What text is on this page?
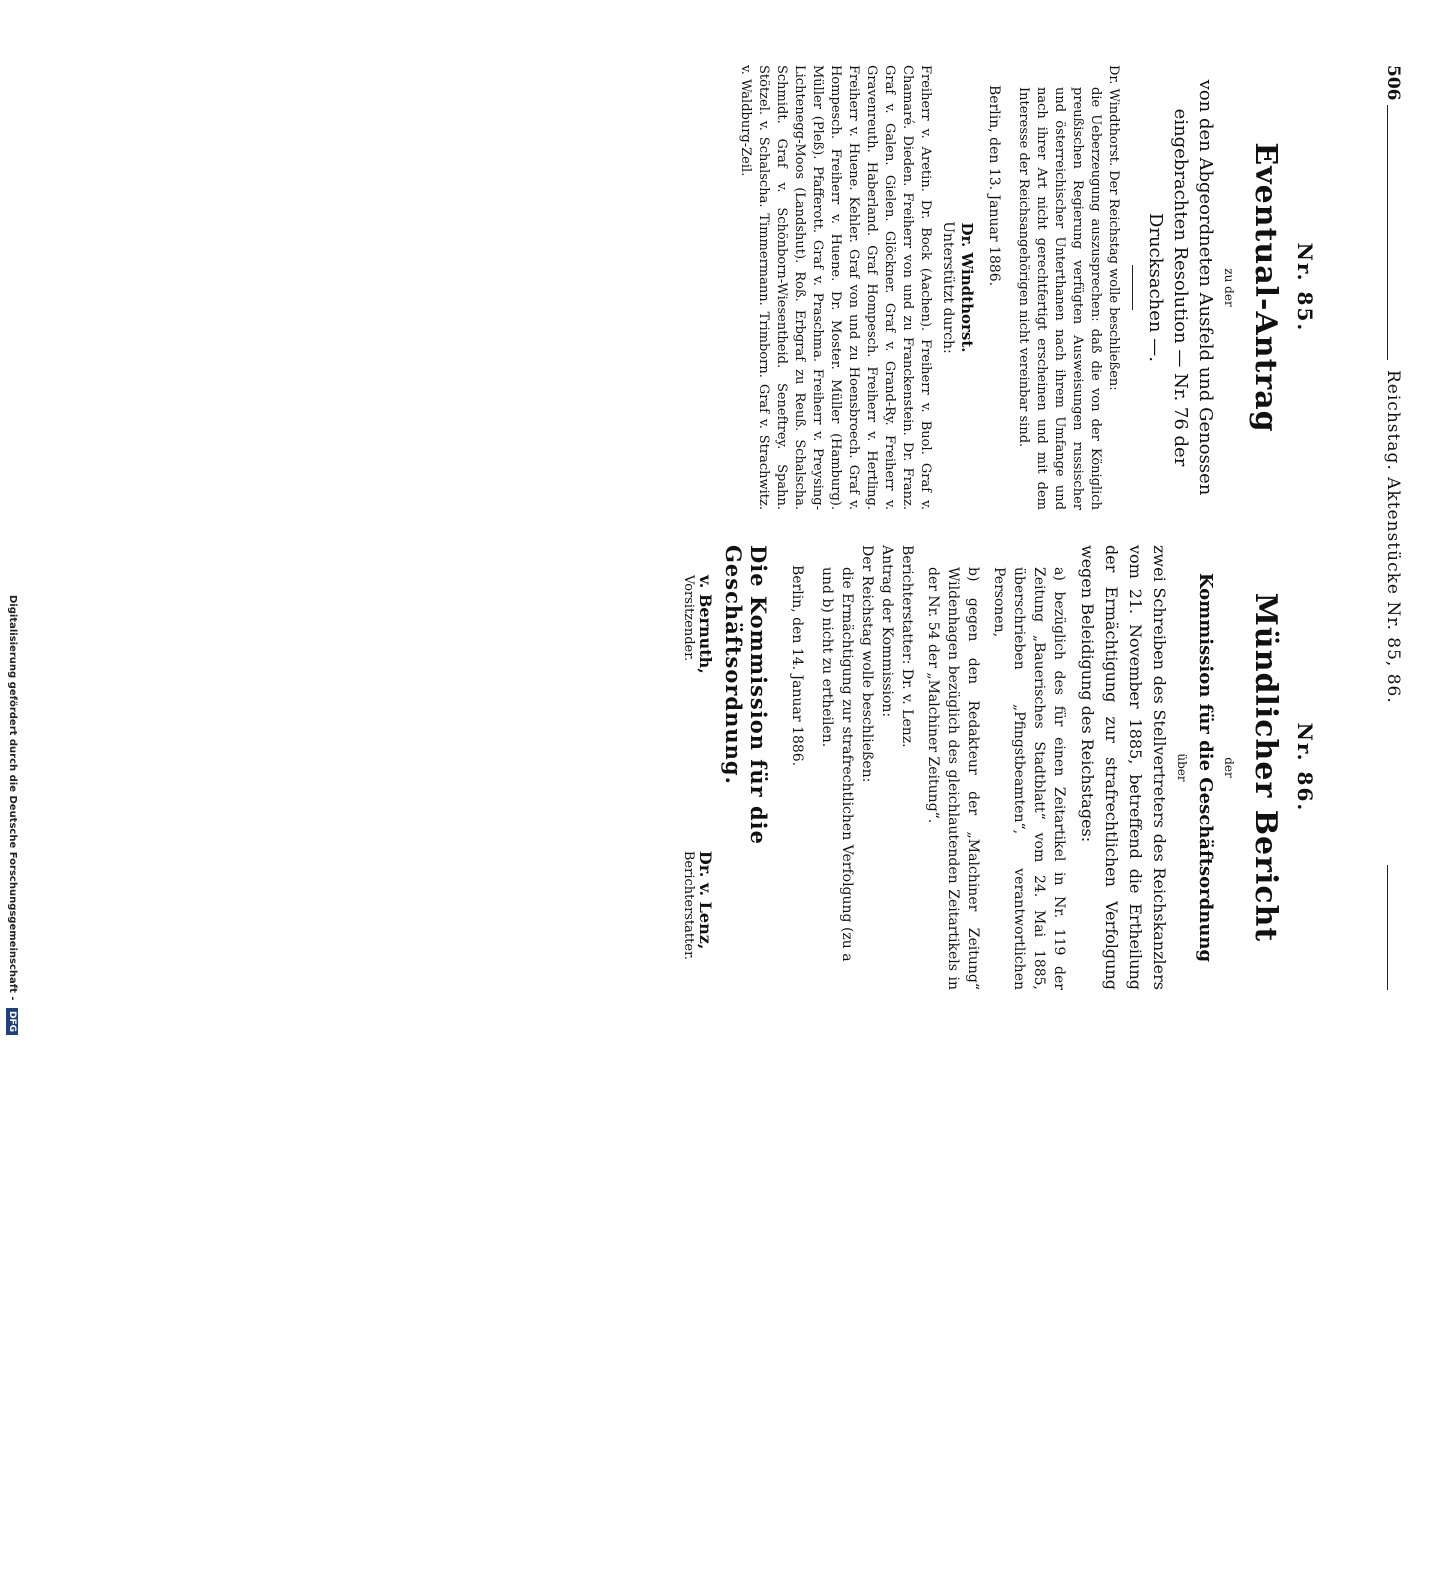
506
Reichstag. Aktenstücke Nr. 85, 86.
Nr. 85.
Eventual-Antrag
zu der
von den Abgeordneten Ausfeld und Genossen eingebrachten Resolution — Nr. 76 der Drucksachen —.

Dr. Windthorst. Der Reichstag wolle beschließen:

die Ueberzeugung auszusprechen: daß die von der Königlich preußischen Regierung verfügten Ausweisungen russischer und österreichischer Unterthanen nach ihrem Umfange und nach ihrer Art nicht gerechtfertigt erscheinen und mit dem Interesse der Reichsangehörigen nicht vereinbar sind.

Berlin, den 13. Januar 1886.
Dr. Windthorst.
Unterstützt durch:
Freiherr v. Aretin. Dr. Bock (Aachen). Freiherr v. Buol. Graf v. Chamaré. Dieden. Freiherr von und zu Franckenstein. Dr. Franz. Graf v. Galen. Gielen. Glöckner. Graf v. Grand-Ry. Freiherr v. Gravenreuth. Haberland. Graf Hompesch. Freiherr v. Hertling. Freiherr v. Huene. Kehler. Graf von und zu Hoensbroech. Graf v. Hompesch. Freiherr v. Huene. Dr. Moster. Müller (Hamburg). Müller (Pleß). Pfafferott. Graf v. Praschma. Freiherr v. Preysing-Lichtenegg-Moos (Landshut). Roß. Erbgraf zu Reuß. Schalscha. Schmidt. Graf v. Schönborn-Wiesentheid. Seneftrey. Spahn. Stötzel. v. Schalscha. Timmermann. Trimborn. Graf v. Strachwitz. v. Waldburg-Zeil.
Nr. 86.
Mündlicher Bericht
der
Kommission für die Geschäftsordnung
über
zwei Schreiben des Stellvertreters des Reichskanzlers vom 21. November 1885, betreffend die Ertheilung der Ermächtigung zur strafrechtlichen Verfolgung wegen Beleidigung des Reichstages:
a) bezüglich des für einen Zeitartikel in Nr. 119 der Zeitung „Bauerisches Stadtblatt“ vom 24. Mai 1885, überschrieben „Pfingstbeamten“, verantwortlichen Personen,
b) gegen den Redakteur der „Malchiner Zeitung“ Wildenhagen bezüglich des gleichlautenden Zeitartikels in der Nr. 54 der „Malchiner Zeitung“.
Berichterstatter: Dr. v. Lenz.
Antrag der Kommission:
Der Reichstag wolle beschließen:
die Ermächtigung zur strafrechtlichen Verfolgung (zu a und b) nicht zu ertheilen.
Berlin, den 14. Januar 1886.
Die Kommission für die Geschäftsordnung.
v. Bernuth,
Vorsitzender.
Dr. v. Lenz,
Berichterstatter.
Digitalisierung gefördert durch die Deutsche Forschungsgemeinschaft - DFG
